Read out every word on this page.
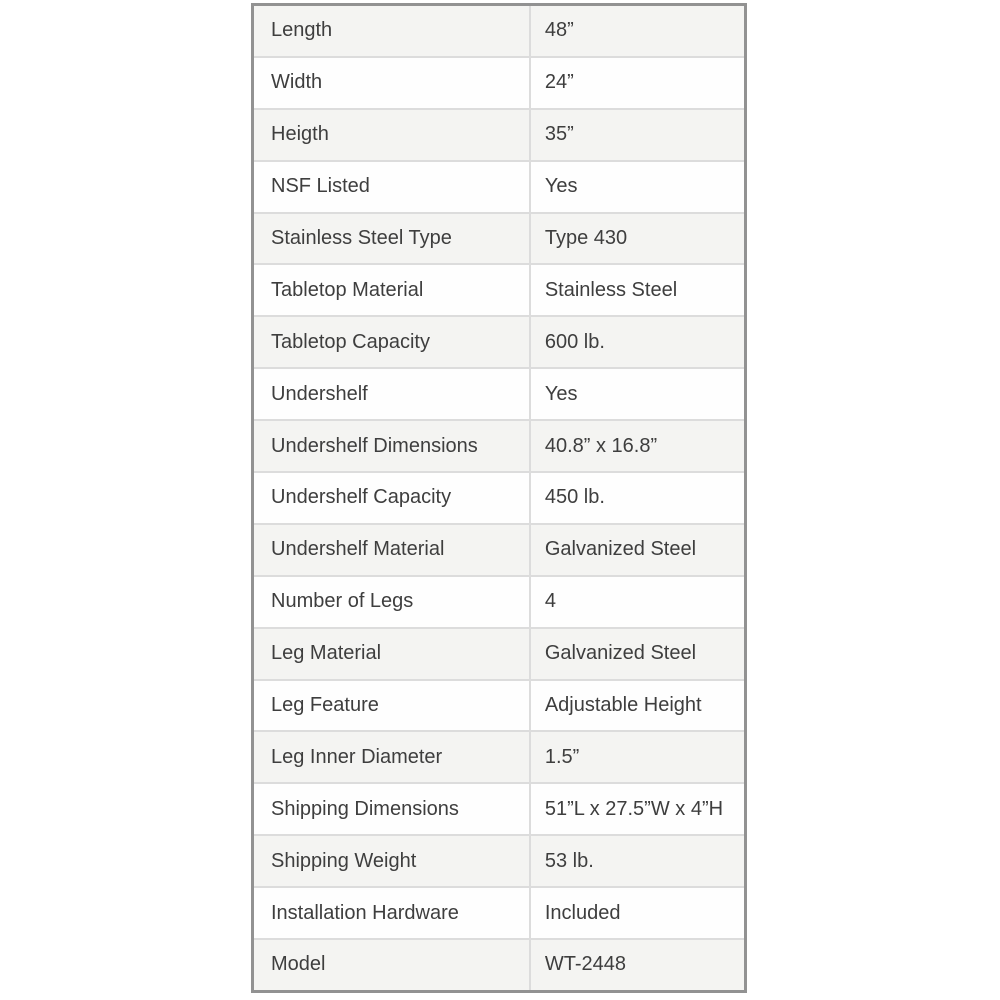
Length	48”
Width	24”
Heigth	35”
NSF Listed	Yes
Stainless Steel Type	Type 430
Tabletop Material	Stainless Steel
Tabletop Capacity	600 lb.
Undershelf	Yes
Undershelf Dimensions	40.8” x 16.8”
Undershelf Capacity	450 lb.
Undershelf Material	Galvanized Steel
Number of Legs	4
Leg Material	Galvanized Steel
Leg Feature	Adjustable Height
Leg Inner Diameter	1.5”
Shipping Dimensions	51”L x 27.5”W x 4”H
Shipping Weight	53 lb.
Installation Hardware	Included
Model	WT-2448
